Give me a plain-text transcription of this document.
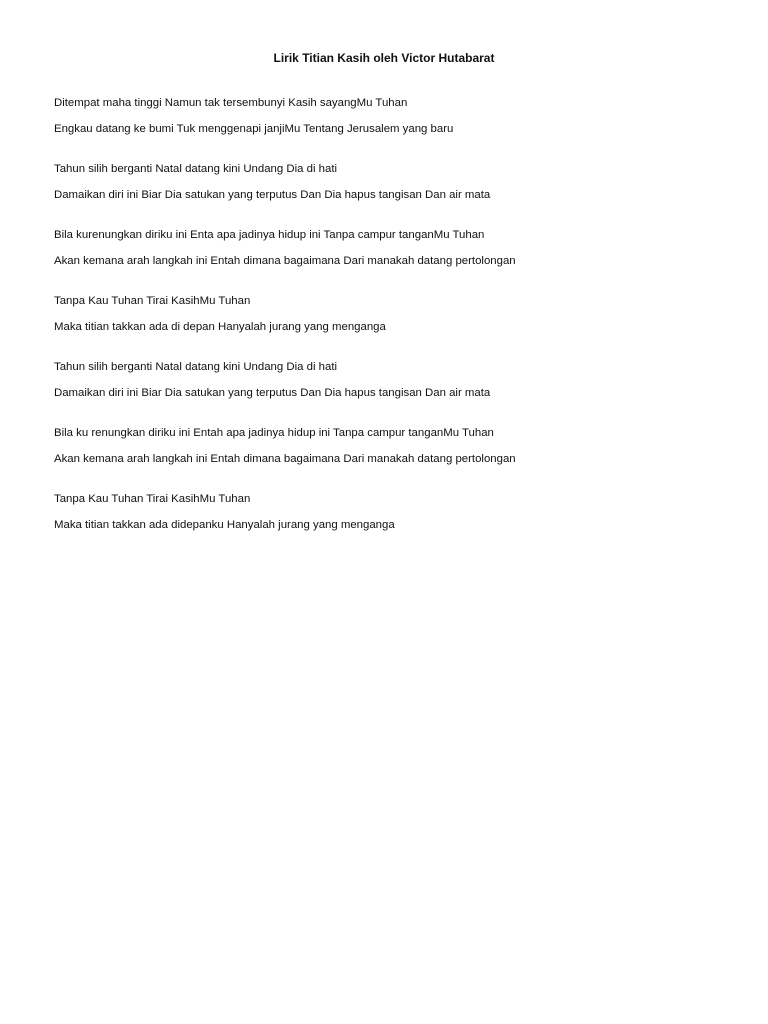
Lirik Titian Kasih oleh Victor Hutabarat
Ditempat maha tinggi Namun tak tersembunyi Kasih sayangMu Tuhan
Engkau datang ke bumi Tuk menggenapi janjiMu Tentang Jerusalem yang baru
Tahun silih berganti Natal datang kini Undang Dia di hati
Damaikan diri ini Biar Dia satukan yang terputus Dan Dia hapus tangisan Dan air mata
Bila kurenungkan diriku ini Enta apa jadinya hidup ini Tanpa campur tanganMu Tuhan
Akan kemana arah langkah ini Entah dimana bagaimana Dari manakah datang pertolongan
Tanpa Kau Tuhan Tirai KasihMu Tuhan
Maka titian takkan ada di depan Hanyalah jurang yang menganga
Tahun silih berganti Natal datang kini Undang Dia di hati
Damaikan diri ini Biar Dia satukan yang terputus Dan Dia hapus tangisan Dan air mata
Bila ku renungkan diriku ini Entah apa jadinya hidup ini Tanpa campur tanganMu Tuhan
Akan kemana arah langkah ini Entah dimana bagaimana Dari manakah datang pertolongan
Tanpa Kau Tuhan Tirai KasihMu Tuhan
Maka titian takkan ada didepanku Hanyalah jurang yang menganga
